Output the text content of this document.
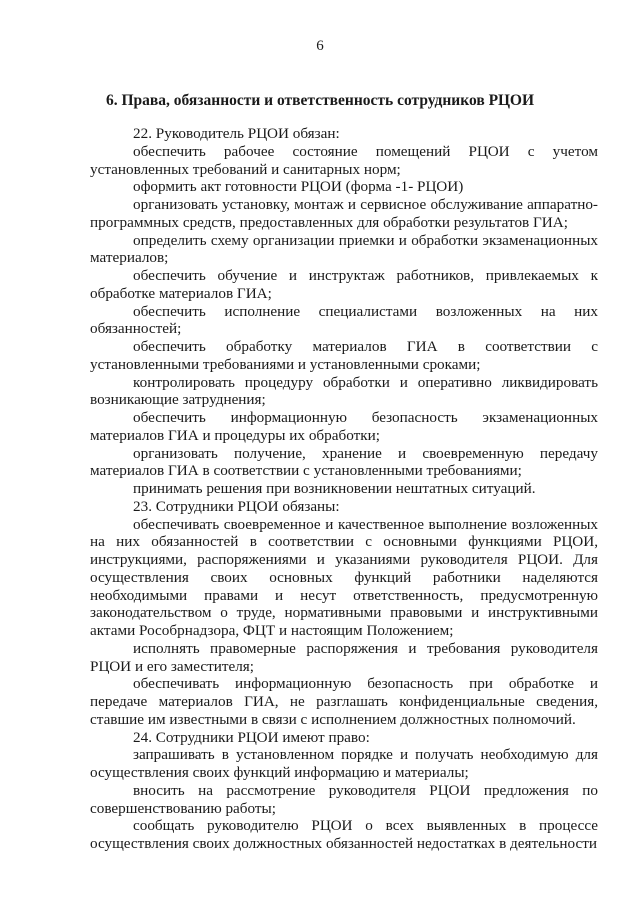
6
6. Права, обязанности и ответственность сотрудников РЦОИ

22. Руководитель РЦОИ обязан:

обеспечить рабочее состояние помещений РЦОИ с учетом установленных требований и санитарных норм;

оформить акт готовности РЦОИ (форма -1- РЦОИ)

организовать установку, монтаж и сервисное обслуживание аппаратно-программных средств, предоставленных для обработки результатов ГИА;

определить схему организации приемки и обработки экзаменационных материалов;

обеспечить обучение и инструктаж работников, привлекаемых к обработке материалов ГИА;

обеспечить исполнение специалистами возложенных на них обязанностей;

обеспечить обработку материалов ГИА в соответствии с установленными требованиями и установленными сроками;

контролировать процедуру обработки и оперативно ликвидировать возникающие затруднения;

обеспечить информационную безопасность экзаменационных материалов ГИА и процедуры их обработки;

организовать получение, хранение и своевременную передачу материалов ГИА в соответствии с установленными требованиями;

принимать решения при возникновении нештатных ситуаций.

23. Сотрудники РЦОИ обязаны:

обеспечивать своевременное и качественное выполнение возложенных на них обязанностей в соответствии с основными функциями РЦОИ, инструкциями, распоряжениями и указаниями руководителя РЦОИ. Для осуществления своих основных функций работники наделяются необходимыми правами и несут ответственность, предусмотренную законодательством о труде, нормативными правовыми и инструктивными актами Рособрнадзора, ФЦТ и настоящим Положением;

исполнять правомерные распоряжения и требования руководителя РЦОИ и его заместителя;

обеспечивать информационную безопасность при обработке и передаче материалов ГИА, не разглашать конфиденциальные сведения, ставшие им известными в связи с исполнением должностных полномочий.

24. Сотрудники РЦОИ имеют право:

запрашивать в установленном порядке и получать необходимую для осуществления своих функций информацию и материалы;

вносить на рассмотрение руководителя РЦОИ предложения по совершенствованию работы;

сообщать руководителю РЦОИ о всех выявленных в процессе осуществления своих должностных обязанностей недостатках в деятельности
